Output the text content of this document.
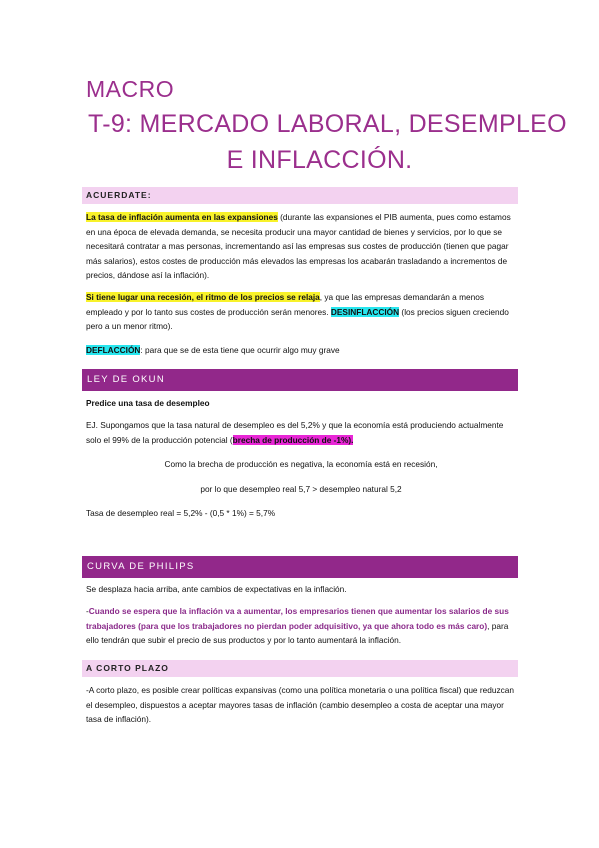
MACRO
T-9: MERCADO LABORAL, DESEMPLEO
E INFLACCIÓN.
ACUERDATE:
La tasa de inflación aumenta en las expansiones (durante las expansiones el PIB aumenta, pues como estamos en una época de elevada demanda, se necesita producir una mayor cantidad de bienes y servicios, por lo que se necesitará contratar a mas personas, incrementando así las empresas sus costes de producción (tienen que pagar más salarios), estos costes de producción más elevados las empresas los acabarán trasladando a incrementos de precios, dándose así la inflación).
Si tiene lugar una recesión, el ritmo de los precios se relaja, ya que las empresas demandarán a menos empleado y por lo tanto sus costes de producción serán menores. DESINFLACCIÓN (los precios siguen creciendo pero a un menor ritmo).
DEFLACCIÓN: para que se de esta tiene que ocurrir algo muy grave
LEY DE OKUN
Predice una tasa de desempleo
EJ. Supongamos que la tasa natural de desempleo es del 5,2% y que la economía está produciendo actualmente solo el 99% de la producción potencial (brecha de producción de -1%).
Como la brecha de producción es negativa, la economía está en recesión,
por lo que desempleo real 5,7 > desempleo natural 5,2
Tasa de desempleo real = 5,2% - (0,5 * 1%) = 5,7%
CURVA DE PHILIPS
Se desplaza hacia arriba, ante cambios de expectativas en la inflación.
-Cuando se espera que la inflación va a aumentar, los empresarios tienen que aumentar los salarios de sus trabajadores (para que los trabajadores no pierdan poder adquisitivo, ya que ahora todo es más caro), para ello tendrán que subir el precio de sus productos y por lo tanto aumentará la inflación.
A CORTO PLAZO
-A corto plazo, es posible crear políticas expansivas (como una política monetaria o una política fiscal) que reduzcan el desempleo, dispuestos a aceptar mayores tasas de inflación (cambio desempleo a costa de aceptar una mayor tasa de inflación).
